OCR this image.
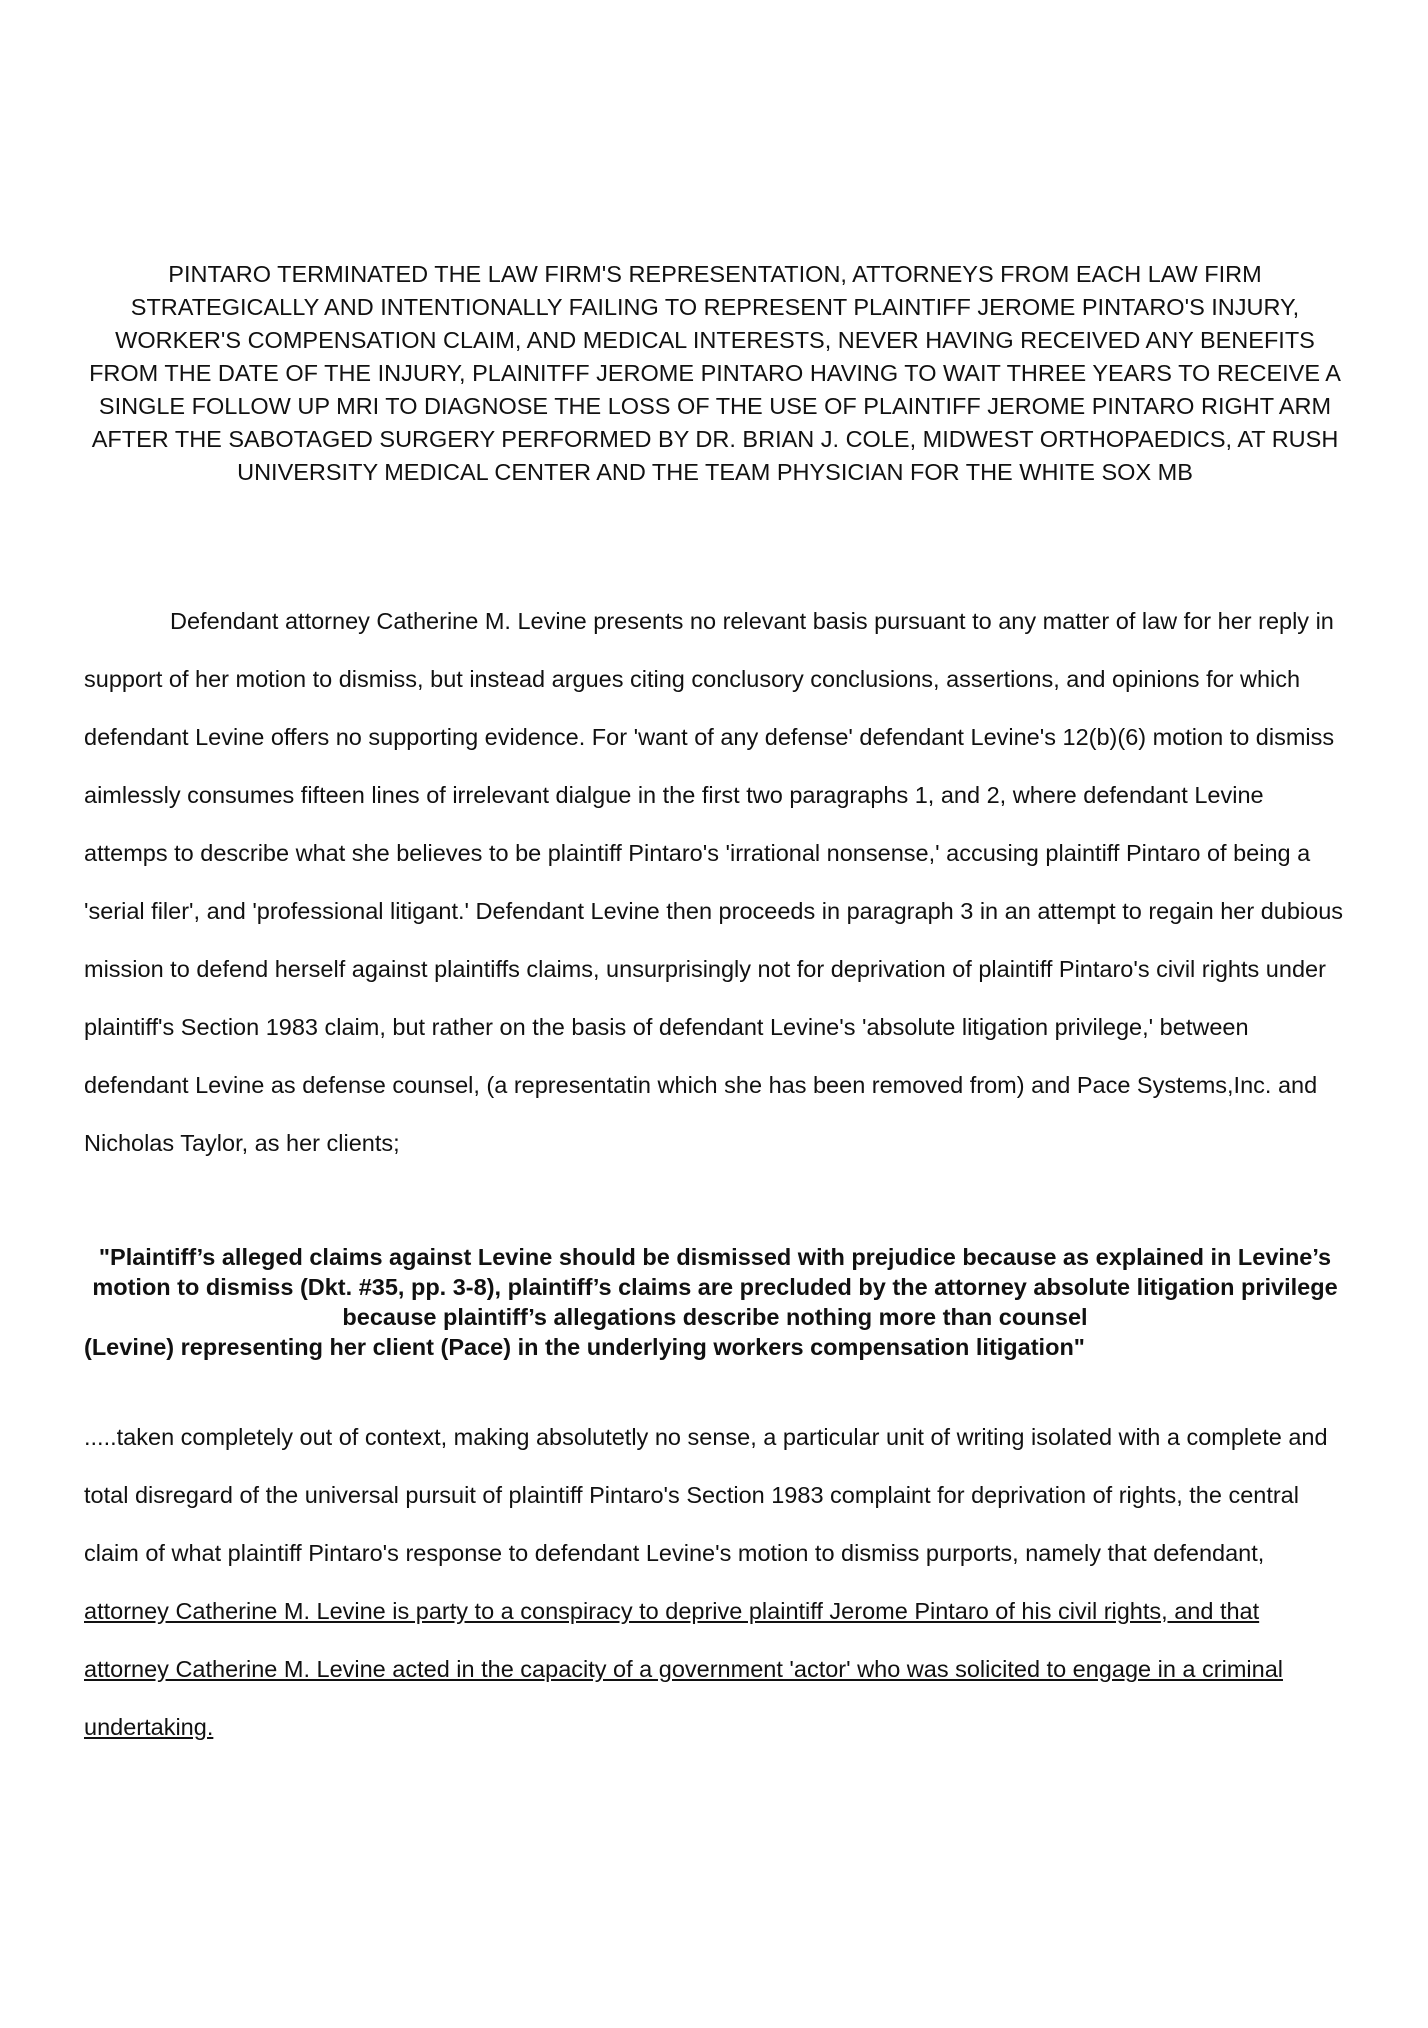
PINTARO TERMINATED THE LAW FIRM'S REPRESENTATION, ATTORNEYS FROM EACH LAW FIRM STRATEGICALLY AND INTENTIONALLY FAILING TO REPRESENT PLAINTIFF JEROME PINTARO'S INJURY, WORKER'S COMPENSATION CLAIM, AND MEDICAL INTERESTS, NEVER HAVING RECEIVED ANY BENEFITS FROM THE DATE OF THE INJURY, PLAINITFF JEROME PINTARO HAVING TO WAIT THREE YEARS TO RECEIVE A SINGLE FOLLOW UP MRI TO DIAGNOSE THE LOSS OF THE USE OF PLAINTIFF JEROME PINTARO RIGHT ARM AFTER THE SABOTAGED SURGERY PERFORMED BY DR. BRIAN J. COLE, MIDWEST ORTHOPAEDICS, AT RUSH UNIVERSITY MEDICAL CENTER AND THE TEAM PHYSICIAN FOR THE WHITE SOX MB
Defendant attorney Catherine M. Levine presents no relevant basis pursuant to any matter of law for her reply in support of her motion to dismiss, but instead argues citing conclusory conclusions, assertions, and opinions for which defendant Levine offers no supporting evidence. For 'want of any defense' defendant Levine's 12(b)(6) motion to dismiss aimlessly consumes fifteen lines of irrelevant dialgue in the first two paragraphs 1, and 2, where defendant Levine attemps to describe what she believes to be plaintiff Pintaro's 'irrational nonsense,' accusing plaintiff Pintaro of being a 'serial filer', and 'professional litigant.' Defendant Levine then proceeds in paragraph 3 in an attempt to regain her dubious mission to defend herself against plaintiffs claims, unsurprisingly not for deprivation of plaintiff Pintaro's civil rights under plaintiff's Section 1983 claim, but rather on the basis of defendant Levine's 'absolute litigation privilege,' between defendant Levine as defense counsel, (a representatin which she has been removed from) and Pace Systems,Inc. and Nicholas Taylor, as her clients;
"Plaintiff’s alleged claims against Levine should be dismissed with prejudice because as explained in Levine’s motion to dismiss (Dkt. #35, pp. 3-8), plaintiff’s claims are precluded by the attorney absolute litigation privilege because plaintiff’s allegations describe nothing more than counsel
(Levine) representing her client (Pace) in the underlying workers compensation litigation"
.....taken completely out of context, making absolutetly no sense, a particular unit of writing isolated with a complete and total disregard of the universal pursuit of plaintiff Pintaro's Section 1983 complaint for deprivation of rights, the central claim of what plaintiff Pintaro's response to defendant Levine's motion to dismiss purports, namely that defendant, attorney Catherine M. Levine is party to a conspiracy to deprive plaintiff Jerome Pintaro of his civil rights, and that attorney Catherine M. Levine acted in the capacity of a government 'actor' who was solicited to engage in a criminal undertaking.
